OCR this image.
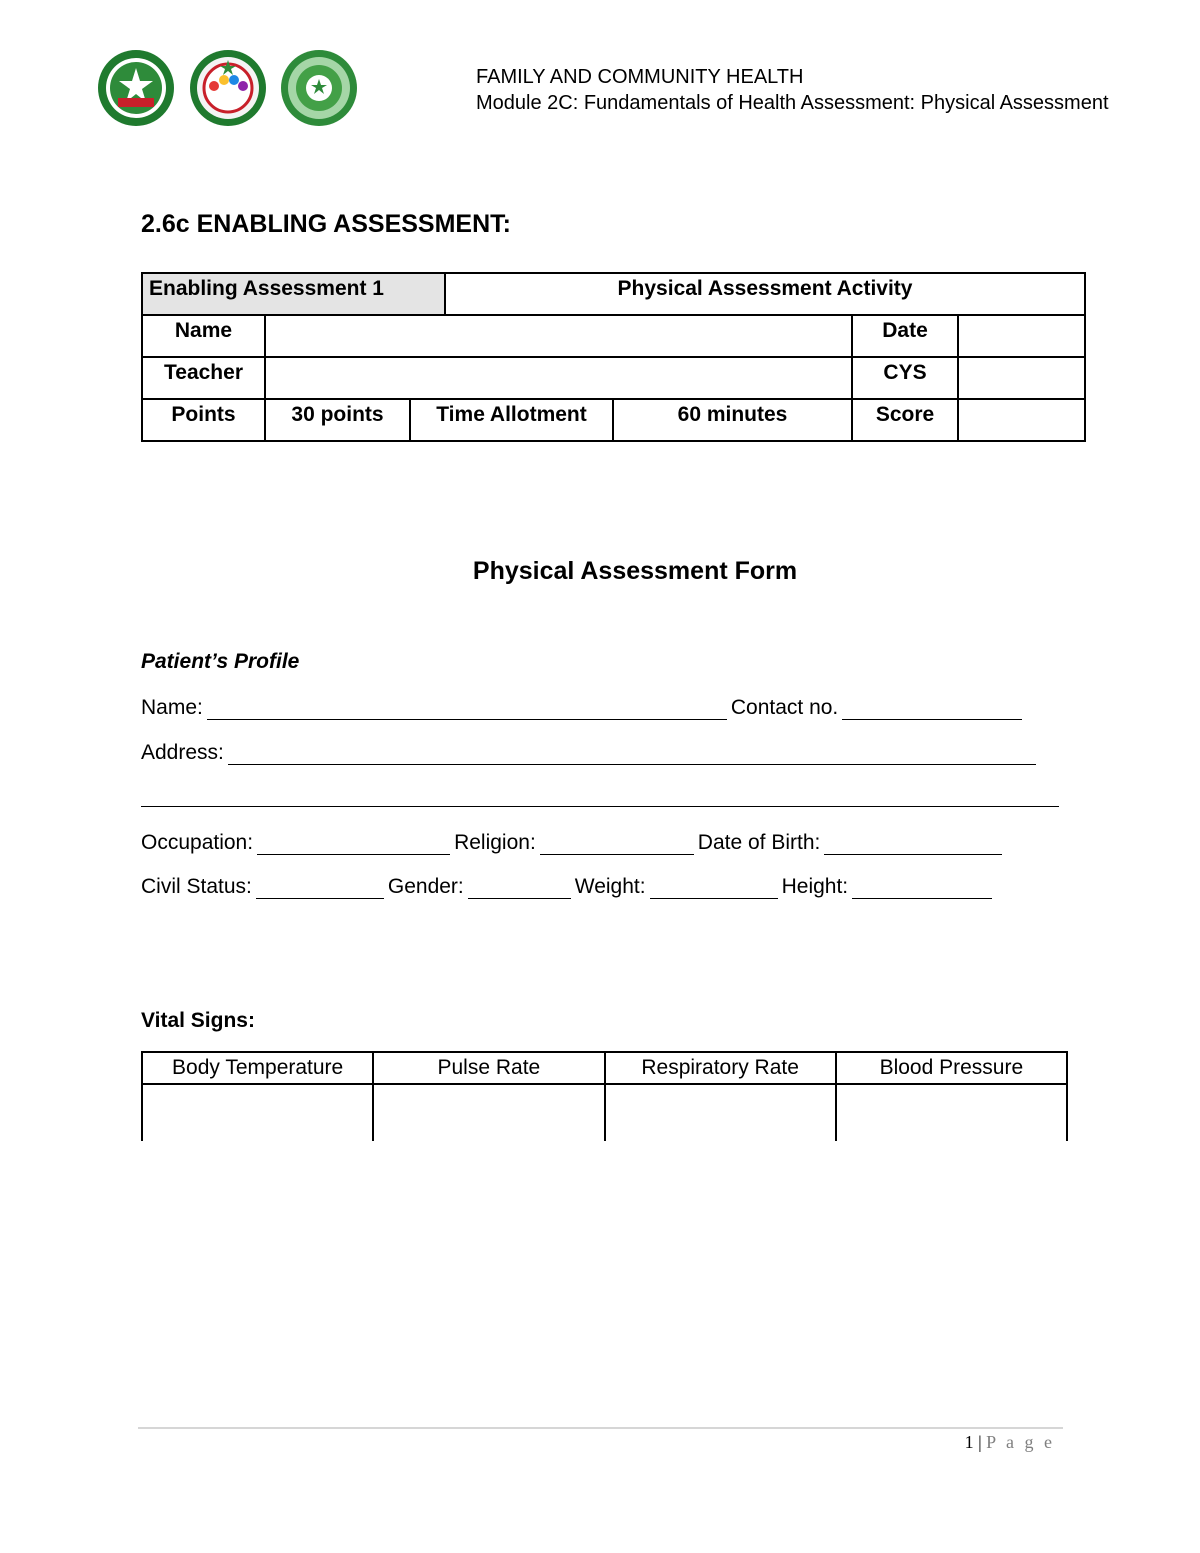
FAMILY AND COMMUNITY HEALTH
Module 2C: Fundamentals of Health Assessment: Physical Assessment
2.6c ENABLING ASSESSMENT:
Enabling Assessment 1			Physical Assessment Activity			
Name					Date	
Teacher					CYS	
Points	30 points	Time Allotment		60 minutes	Score	
Physical Assessment Form
Patient’s Profile
Name:	Contact no.
Address:
Occupation:	Religion:	Date of Birth:
Civil Status:	Gender:	Weight:	Height:
Vital Signs:
Body Temperature	Pulse Rate	Respiratory Rate	Blood Pressure

1 | P a g e
